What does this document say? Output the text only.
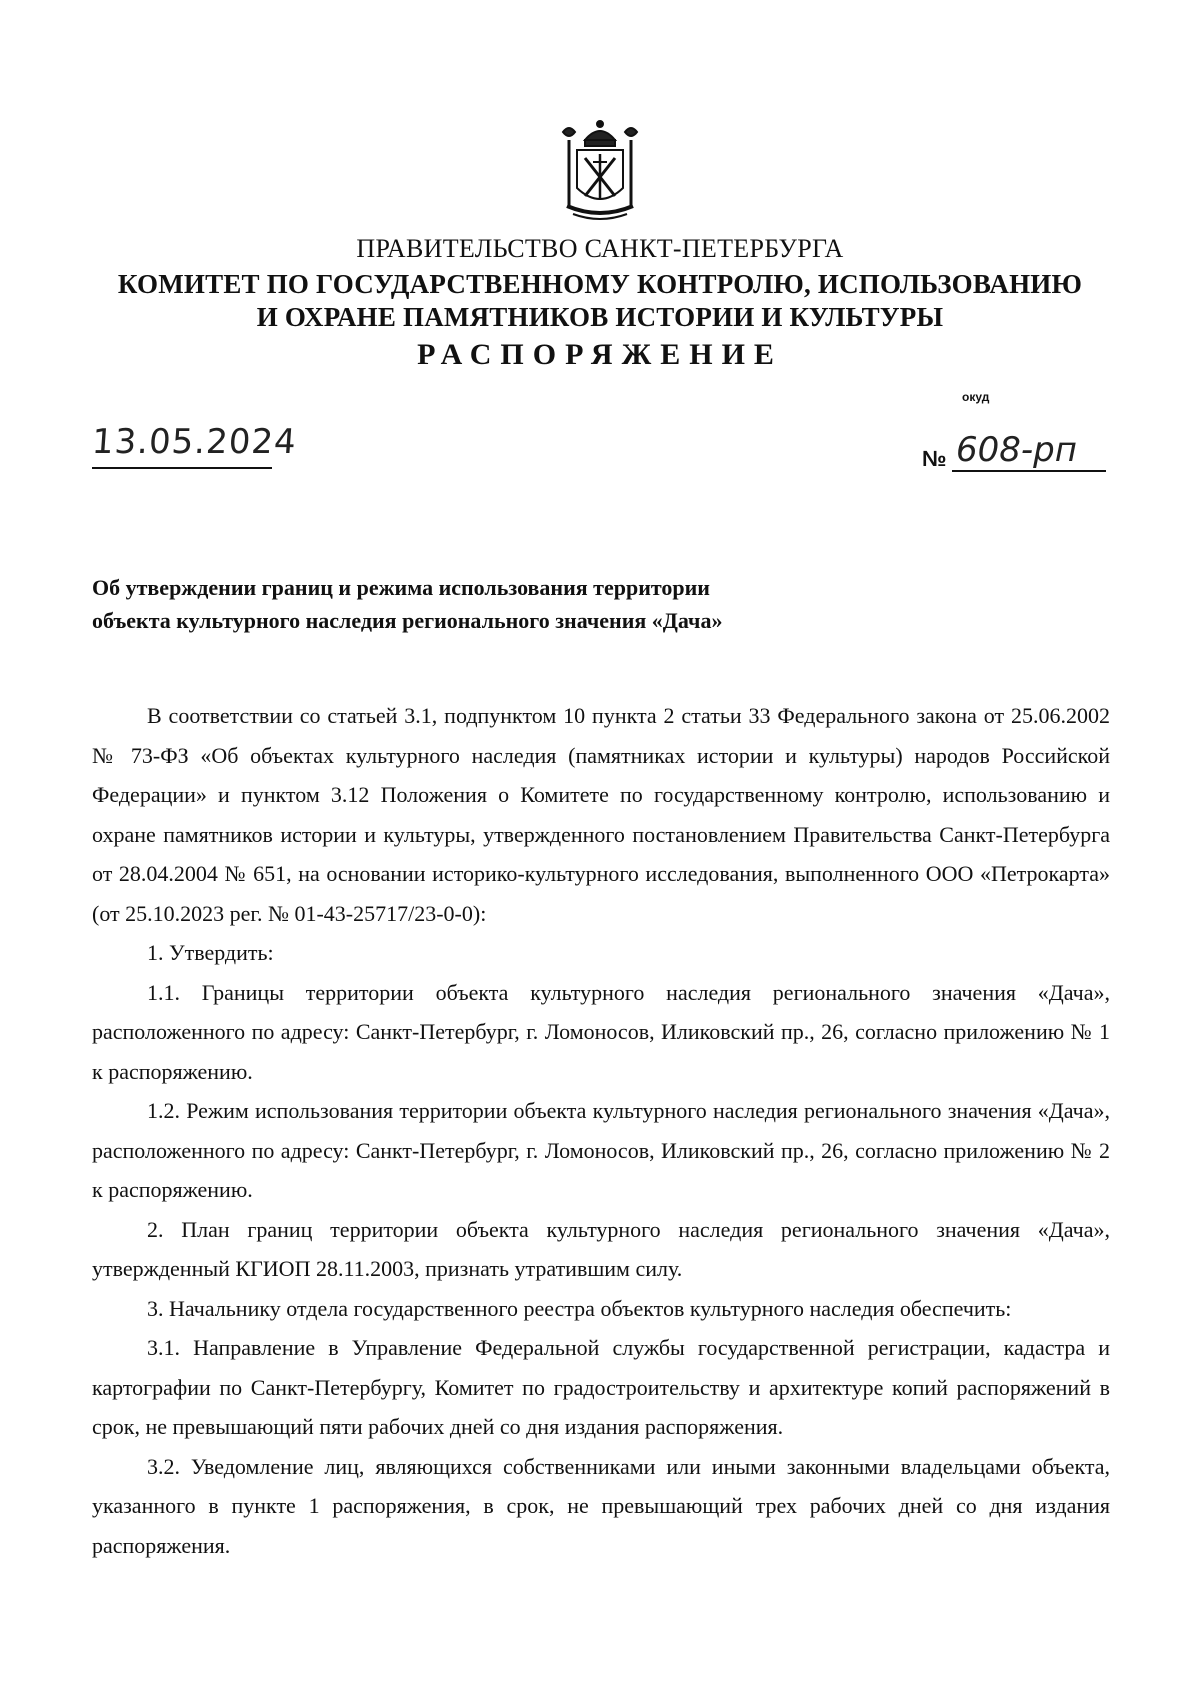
ПРАВИТЕЛЬСТВО САНКТ-ПЕТЕРБУРГА
КОМИТЕТ ПО ГОСУДАРСТВЕННОМУ КОНТРОЛЮ, ИСПОЛЬЗОВАНИЮ
И ОХРАНЕ ПАМЯТНИКОВ ИСТОРИИ И КУЛЬТУРЫ
РАСПОРЯЖЕНИЕ
окуд
13.05.2024	№ 608-рп
Об утверждении границ и режима использования территории
объекта культурного наследия регионального значения «Дача»

В соответствии со статьей 3.1, подпунктом 10 пункта 2 статьи 33 Федерального закона от 25.06.2002 № 73-ФЗ «Об объектах культурного наследия (памятниках истории и культуры) народов Российской Федерации» и пунктом 3.12 Положения о Комитете по государственному контролю, использованию и охране памятников истории и культуры, утвержденного постановлением Правительства Санкт-Петербурга от 28.04.2004 № 651, на основании историко-культурного исследования, выполненного ООО «Петрокарта» (от 25.10.2023 рег. № 01-43-25717/23-0-0):

1. Утвердить:

1.1. Границы территории объекта культурного наследия регионального значения «Дача», расположенного по адресу: Санкт-Петербург, г. Ломоносов, Иликовский пр., 26, согласно приложению № 1 к распоряжению.

1.2. Режим использования территории объекта культурного наследия регионального значения «Дача», расположенного по адресу: Санкт-Петербург, г. Ломоносов, Иликовский пр., 26, согласно приложению № 2 к распоряжению.

2. План границ территории объекта культурного наследия регионального значения «Дача», утвержденный КГИОП 28.11.2003, признать утратившим силу.

3. Начальнику отдела государственного реестра объектов культурного наследия обеспечить:

3.1. Направление в Управление Федеральной службы государственной регистрации, кадастра и картографии по Санкт-Петербургу, Комитет по градостроительству и архитектуре копий распоряжений в срок, не превышающий пяти рабочих дней со дня издания распоряжения.

3.2. Уведомление лиц, являющихся собственниками или иными законными владельцами объекта, указанного в пункте 1 распоряжения, в срок, не превышающий трех рабочих дней со дня издания распоряжения.
